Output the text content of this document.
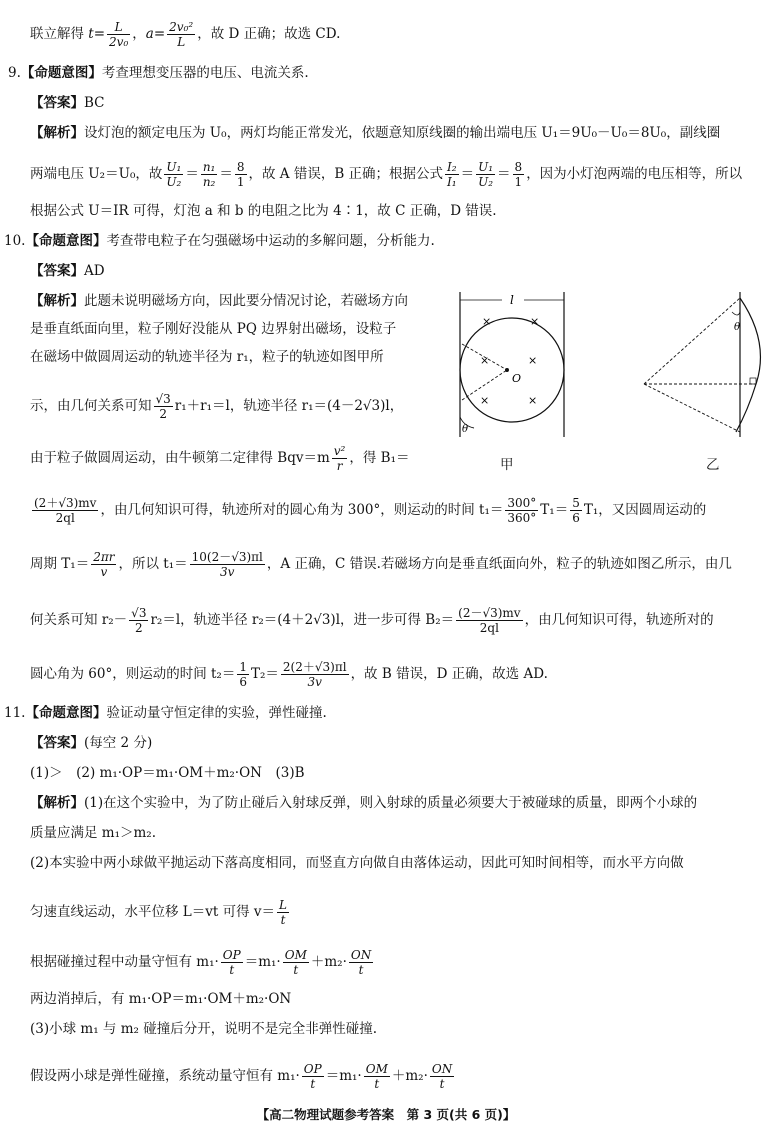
联立解得 $t= \frac{L}{\text{2v₀}}$ ，$a= \frac{\text{2v₀²}}{L}$ ，故 D 正确；故选 CD.
9.【命题意图】考查理想变压器的电压、电流关系.
【答案】BC
【解析】设灯泡的额定电压为 U₀，两灯均能正常发光，依题意知原线圈的输出端电压 U₁＝9U₀－U₀＝8U₀，副线圈
两端电压 U₂＝U₀，故 $\frac{\text{U₁}}{\text{U₂}} = \frac{\text{n₁}}{\text{n₂}} = \frac{8}{1}$ ，故 A 错误，B 正确；根据公式 $\frac{\text{I₂}}{\text{I₁}} = \frac{\text{U₁}}{\text{U₂}} = \frac{8}{1}$ ，因为小灯泡两端的电压相等，所以
根据公式 U＝IR 可得，灯泡 a 和 b 的电阻之比为 4∶1，故 C 正确，D 错误.
10.【命题意图】考查带电粒子在匀强磁场中运动的多解问题，分析能力.
【答案】AD
【解析】此题未说明磁场方向，因此要分情况讨论，若磁场方向
是垂直纸面向里，粒子刚好没能从 PQ 边界射出磁场，设粒子
在磁场中做圆周运动的轨迹半径为 r₁，粒子的轨迹如图甲所
示，由几何关系可知 $\frac{√3}{2} r_1+r_1=l$，轨迹半径 r₁＝(4－2√3)l，
由于粒子做圆周运动，由牛顿第二定律得 $Bqv=m \frac{\text{v²}}{r}$ ，得 B₁＝
$\frac{(2+√3)mv}{2ql}$ ，由几何知识可得，轨迹所对的圆心角为 300°，则运动的时间 $t_1= \frac{300^\circ}{360^\circ} T_1= \frac{5}{6} T_1$，又因圆周运动的
周期 $T_1= \frac{2\pi r}{v}$ ，所以 $t_1= \frac{10(2-√3)\pi l}{3v}$ ，A 正确，C 错误.若磁场方向是垂直纸面向外，粒子的轨迹如图乙所示，由几
何关系可知 $r_2- \frac{√3}{2} r_2=l$，轨迹半径 r₂＝(4＋2√3)l，进一步可得 $B_2= \frac{(2-√3)mv}{2ql}$ ，由几何知识可得，轨迹所对的
圆心角为 60°，则运动的时间 $t_2= \frac{1}{6} T_2= \frac{2(2+√3)\pi l}{3v}$ ，故 B 错误，D 正确，故选 AD.
l
O
×	×
×	×
×	×
θ
甲
θ
乙
11.【命题意图】验证动量守恒定律的实验，弹性碰撞.
【答案】(每空 2 分)
(1)＞　(2) m₁·OP＝m₁·OM＋m₂·ON　(3)B
【解析】(1)在这个实验中，为了防止碰后入射球反弹，则入射球的质量必须要大于被碰球的质量，即两个小球的
质量应满足 m₁＞m₂.
(2)本实验中两小球做平抛运动下落高度相同，而竖直方向做自由落体运动，因此可知时间相等，而水平方向做
匀速直线运动，水平位移 L＝vt 可得 $v= \frac{L}{t}$
根据碰撞过程中动量守恒有 $m_1\cdot \frac{OP}{t} =m_1\cdot \frac{OM}{t} +m_2\cdot \frac{ON}{t}$
两边消掉后，有 m₁·OP＝m₁·OM＋m₂·ON
(3)小球 m₁ 与 m₂ 碰撞后分开，说明不是完全非弹性碰撞.
假设两小球是弹性碰撞，系统动量守恒有 $m_1\cdot \frac{OP}{t} =m_1\cdot \frac{OM}{t} +m_2\cdot \frac{ON}{t}$
【高二物理试题参考答案　第 3 页(共 6 页)】
